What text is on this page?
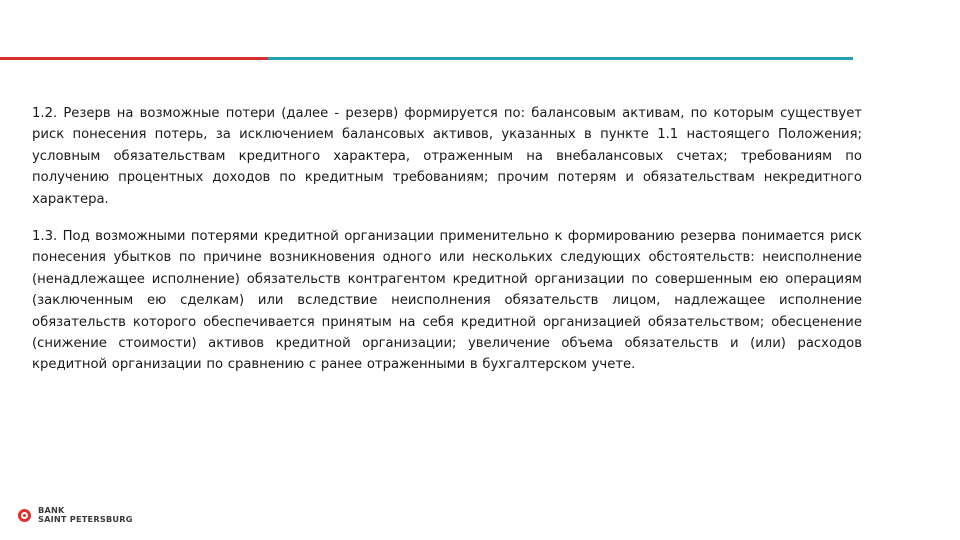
1.2. Резерв на возможные потери (далее - резерв) формируется по: балансовым активам, по которым существует риск понесения потерь, за исключением балансовых активов, указанных в пункте 1.1 настоящего Положения; условным обязательствам кредитного характера, отраженным на внебалансовых счетах; требованиям по получению процентных доходов по кредитным требованиям; прочим потерям и обязательствам некредитного характера.

1.3. Под возможными потерями кредитной организации применительно к формированию резерва понимается риск понесения убытков по причине возникновения одного или нескольких следующих обстоятельств: неисполнение (ненадлежащее исполнение) обязательств контрагентом кредитной организации по совершенным ею операциям (заключенным ею сделкам) или вследствие неисполнения обязательств лицом, надлежащее исполнение обязательств которого обеспечивается принятым на себя кредитной организацией обязательством; обесценение (снижение стоимости) активов кредитной организации; увеличение объема обязательств и (или) расходов кредитной организации по сравнению с ранее отраженными в бухгалтерском учете.

BANK
SAINT PETERSBURG
